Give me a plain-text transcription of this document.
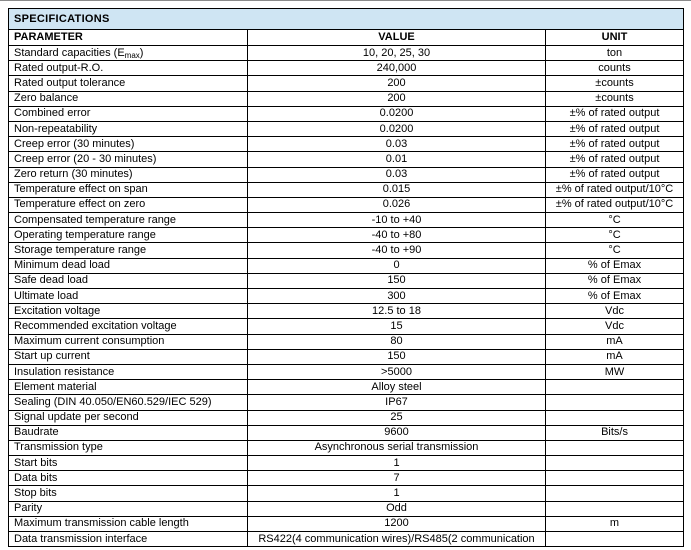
SPECIFICATIONS		
PARAMETER	VALUE	UNIT
Standard capacities $(E_{max})$	10, 20, 25, 30	ton
Rated output-R.O.	240,000	counts
Rated output tolerance	200	±counts
Zero balance	200	±counts
Combined error	0.0200	±% of rated output
Non-repeatability	0.0200	±% of rated output
Creep error (30 minutes)	0.03	±% of rated output
Creep error (20 - 30 minutes)	0.01	±% of rated output
Zero return (30 minutes)	0.03	±% of rated output
Temperature effect on span	0.015	±% of rated output/10°C
Temperature effect on zero	0.026	±% of rated output/10°C
Compensated temperature range	-10 to +40	°C
Operating temperature range	-40 to +80	°C
Storage temperature range	-40 to +90	°C
Minimum dead load	0	% of Emax
Safe dead load	150	% of Emax
Ultimate load	300	% of Emax
Excitation voltage	12.5 to 18	Vdc
Recommended excitation voltage	15	Vdc
Maximum current consumption	80	mA
Start up current	150	mA
Insulation resistance	>5000	MW
Element material	Alloy steel	
Sealing (DIN 40.050/EN60.529/IEC 529)	IP67	
Signal update per second	25	
Baudrate	9600	Bits/s
Transmission type	Asynchronous serial transmission	
Start bits	1	
Data bits	7	
Stop bits	1	
Parity	Odd	
Maximum transmission cable length	1200	m
Data transmission interface	RS422(4 communication wires)/RS485(2 communication	
